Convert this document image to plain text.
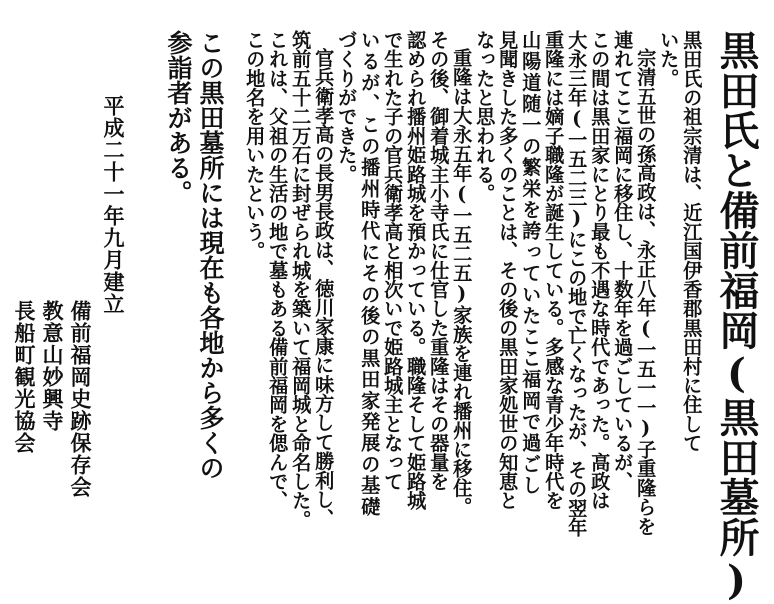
黒田氏と備前福岡(黒田墓所)

黒田氏の祖宗清は、近江国伊香郡黒田村に住して

いた。

宗清五世の孫高政は、永正八年(一五一一)子重隆らを

連れてここ福岡に移住し、十数年を過ごしているが、

この間は黒田家にとり最も不遇な時代であった。高政は

大永三年(一五二三)にこの地で亡くなったが、その翌年

重隆には嫡子職隆が誕生している。多感な青少年時代を

山陽道随一の繁栄を誇っていたここ福岡で過ごし

見聞きした多くのことは、その後の黒田家処世の知恵と

なったと思われる。

重隆は大永五年(一五二五)家族を連れ播州に移住。

その後、御着城主小寺氏に仕官した重隆はその器量を

認められ播州姫路城を預かっている。職隆そして姫路城

で生れた子の官兵衛孝高と相次いで姫路城主となって

いるが、この播州時代にその後の黒田家発展の基礎

づくりができた。

官兵衛孝高の長男長政は、徳川家康に味方して勝利し、

筑前五十二万石に封ぜられ城を築いて福岡城と命名した。

これは、父祖の生活の地で墓もある備前福岡を偲んで、

この地名を用いたという。

この黒田墓所には現在も各地から多くの

参詣者がある。

平成二十一年九月建立

備前福岡史跡保存会

教意山妙興寺

長船町観光協会
